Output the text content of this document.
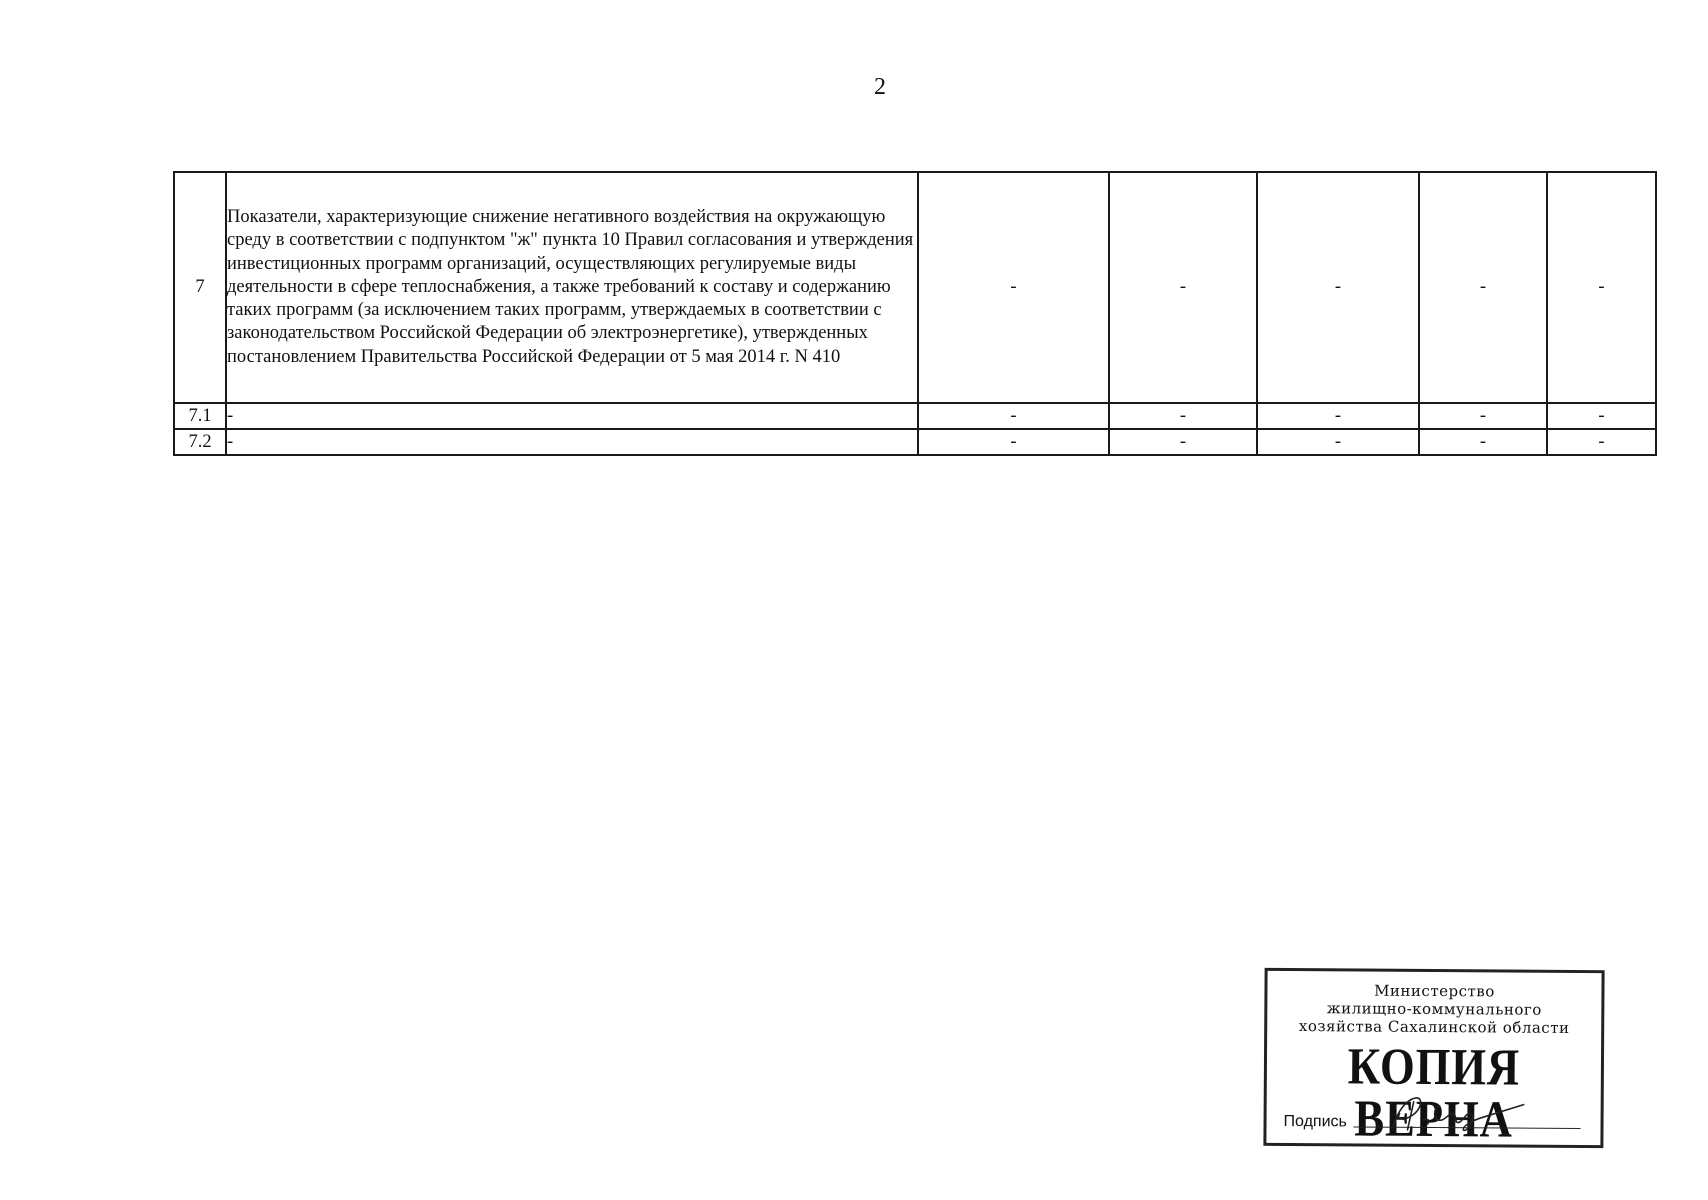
2
7	Показатели, характеризующие снижение негативного воздействия на окружающую среду в соответствии с подпунктом "ж" пункта 10 Правил согласования и утверждения инвестиционных программ организаций, осуществляющих регулируемые виды деятельности в сфере теплоснабжения, а также требований к составу и содержанию таких программ (за исключением таких программ, утверждаемых в соответствии с законодательством Российской Федерации об электроэнергетике), утвержденных постановлением Правительства Российской Федерации от 5 мая 2014 г. N 410	-	-	-	-	-
7.1	-	-	-	-	-	-
7.2	-	-	-	-	-	-
Министерство
жилищно-коммунального
хозяйства Сахалинской области
КОПИЯ ВЕРНА
Подпись
